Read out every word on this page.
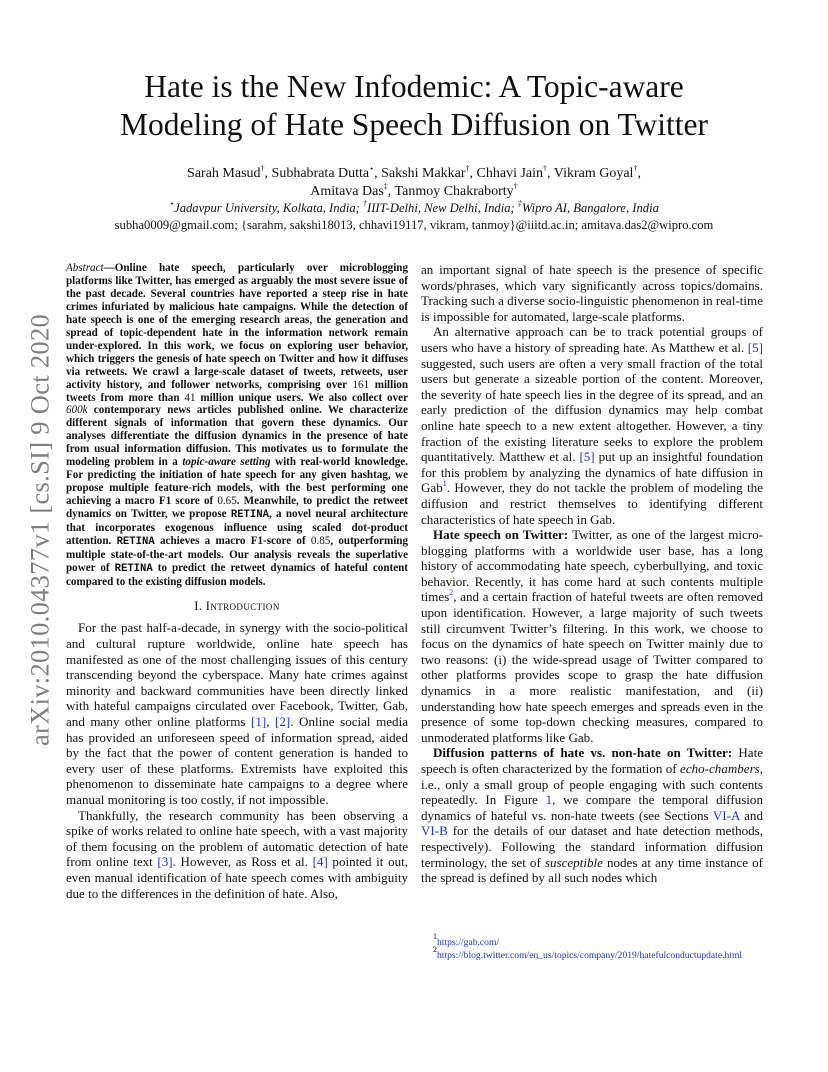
arXiv:2010.04377v1 [cs.SI] 9 Oct 2020
Hate is the New Infodemic: A Topic-aware
Modeling of Hate Speech Diffusion on Twitter
Sarah Masud†, Subhabrata Dutta⋆, Sakshi Makkar†, Chhavi Jain†, Vikram Goyal†,
Amitava Das‡, Tanmoy Chakraborty†
⋆Jadavpur University, Kolkata, India; †IIIT-Delhi, New Delhi, India; ‡Wipro AI, Bangalore, India
subha0009@gmail.com; {sarahm, sakshi18013, chhavi19117, vikram, tanmoy}@iiitd.ac.in; amitava.das2@wipro.com
Abstract—Online hate speech, particularly over microblogging platforms like Twitter, has emerged as arguably the most severe issue of the past decade. Several countries have reported a steep rise in hate crimes infuriated by malicious hate campaigns. While the detection of hate speech is one of the emerging research areas, the generation and spread of topic-dependent hate in the information network remain under-explored. In this work, we focus on exploring user behavior, which triggers the genesis of hate speech on Twitter and how it diffuses via retweets. We crawl a large-scale dataset of tweets, retweets, user activity history, and follower networks, comprising over 161 million tweets from more than 41 million unique users. We also collect over 600k contemporary news articles published online. We characterize different signals of information that govern these dynamics. Our analyses differentiate the diffusion dynamics in the presence of hate from usual information diffusion. This motivates us to formulate the modeling problem in a topic-aware setting with real-world knowledge. For predicting the initiation of hate speech for any given hashtag, we propose multiple feature-rich models, with the best performing one achieving a macro F1 score of 0.65. Meanwhile, to predict the retweet dynamics on Twitter, we propose RETINA, a novel neural architecture that incorporates exogenous influence using scaled dot-product attention. RETINA achieves a macro F1-score of 0.85, outperforming multiple state-of-the-art models. Our analysis reveals the superlative power of RETINA to predict the retweet dynamics of hateful content compared to the existing diffusion models.
I. Introduction

For the past half-a-decade, in synergy with the socio-political and cultural rupture worldwide, online hate speech has manifested as one of the most challenging issues of this century transcending beyond the cyberspace. Many hate crimes against minority and backward communities have been directly linked with hateful campaigns circulated over Facebook, Twitter, Gab, and many other online platforms [1], [2]. Online social media has provided an unforeseen speed of information spread, aided by the fact that the power of content generation is handed to every user of these platforms. Extremists have exploited this phenomenon to disseminate hate campaigns to a degree where manual monitoring is too costly, if not impossible.

Thankfully, the research community has been observing a spike of works related to online hate speech, with a vast majority of them focusing on the problem of automatic detection of hate from online text [3]. However, as Ross et al. [4] pointed it out, even manual identification of hate speech comes with ambiguity due to the differences in the definition of hate. Also,

an important signal of hate speech is the presence of specific words/phrases, which vary significantly across topics/domains. Tracking such a diverse socio-linguistic phenomenon in real-time is impossible for automated, large-scale platforms.

An alternative approach can be to track potential groups of users who have a history of spreading hate. As Matthew et al. [5] suggested, such users are often a very small fraction of the total users but generate a sizeable portion of the content. Moreover, the severity of hate speech lies in the degree of its spread, and an early prediction of the diffusion dynamics may help combat online hate speech to a new extent altogether. However, a tiny fraction of the existing literature seeks to explore the problem quantitatively. Matthew et al. [5] put up an insightful foundation for this problem by analyzing the dynamics of hate diffusion in Gab$^1$. However, they do not tackle the problem of modeling the diffusion and restrict themselves to identifying different characteristics of hate speech in Gab.

Hate speech on Twitter: Twitter, as one of the largest micro-blogging platforms with a worldwide user base, has a long history of accommodating hate speech, cyberbullying, and toxic behavior. Recently, it has come hard at such contents multiple times$^2$, and a certain fraction of hateful tweets are often removed upon identification. However, a large majority of such tweets still circumvent Twitter’s filtering. In this work, we choose to focus on the dynamics of hate speech on Twitter mainly due to two reasons: (i) the wide-spread usage of Twitter compared to other platforms provides scope to grasp the hate diffusion dynamics in a more realistic manifestation, and (ii) understanding how hate speech emerges and spreads even in the presence of some top-down checking measures, compared to unmoderated platforms like Gab.

Diffusion patterns of hate vs. non-hate on Twitter: Hate speech is often characterized by the formation of echo-chambers, i.e., only a small group of people engaging with such contents repeatedly. In Figure 1, we compare the temporal diffusion dynamics of hateful vs. non-hate tweets (see Sections VI-A and VI-B for the details of our dataset and hate detection methods, respectively). Following the standard information diffusion terminology, the set of susceptible nodes at any time instance of the spread is defined by all such nodes which

$^1$https://gab.com/
$^2$https://blog.twitter.com/en_us/topics/company/2019/hatefulconductupdate.html
